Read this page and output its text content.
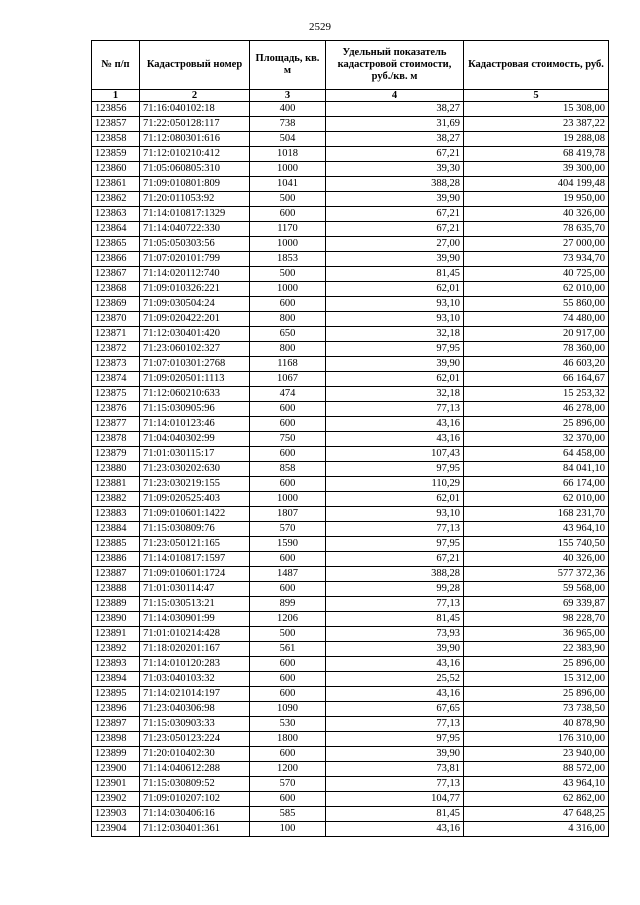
2529
№ п/п	Кадастровый номер	Площадь, кв. м	Удельный показатель кадастровой стоимости, руб./кв. м	Кадастровая стоимость, руб.
1	2	3	4	5
123856	71:16:040102:18	400	38,27	15 308,00
123857	71:22:050128:117	738	31,69	23 387,22
123858	71:12:080301:616	504	38,27	19 288,08
123859	71:12:010210:412	1018	67,21	68 419,78
123860	71:05:060805:310	1000	39,30	39 300,00
123861	71:09:010801:809	1041	388,28	404 199,48
123862	71:20:011053:92	500	39,90	19 950,00
123863	71:14:010817:1329	600	67,21	40 326,00
123864	71:14:040722:330	1170	67,21	78 635,70
123865	71:05:050303:56	1000	27,00	27 000,00
123866	71:07:020101:799	1853	39,90	73 934,70
123867	71:14:020112:740	500	81,45	40 725,00
123868	71:09:010326:221	1000	62,01	62 010,00
123869	71:09:030504:24	600	93,10	55 860,00
123870	71:09:020422:201	800	93,10	74 480,00
123871	71:12:030401:420	650	32,18	20 917,00
123872	71:23:060102:327	800	97,95	78 360,00
123873	71:07:010301:2768	1168	39,90	46 603,20
123874	71:09:020501:1113	1067	62,01	66 164,67
123875	71:12:060210:633	474	32,18	15 253,32
123876	71:15:030905:96	600	77,13	46 278,00
123877	71:14:010123:46	600	43,16	25 896,00
123878	71:04:040302:99	750	43,16	32 370,00
123879	71:01:030115:17	600	107,43	64 458,00
123880	71:23:030202:630	858	97,95	84 041,10
123881	71:23:030219:155	600	110,29	66 174,00
123882	71:09:020525:403	1000	62,01	62 010,00
123883	71:09:010601:1422	1807	93,10	168 231,70
123884	71:15:030809:76	570	77,13	43 964,10
123885	71:23:050121:165	1590	97,95	155 740,50
123886	71:14:010817:1597	600	67,21	40 326,00
123887	71:09:010601:1724	1487	388,28	577 372,36
123888	71:01:030114:47	600	99,28	59 568,00
123889	71:15:030513:21	899	77,13	69 339,87
123890	71:14:030901:99	1206	81,45	98 228,70
123891	71:01:010214:428	500	73,93	36 965,00
123892	71:18:020201:167	561	39,90	22 383,90
123893	71:14:010120:283	600	43,16	25 896,00
123894	71:03:040103:32	600	25,52	15 312,00
123895	71:14:021014:197	600	43,16	25 896,00
123896	71:23:040306:98	1090	67,65	73 738,50
123897	71:15:030903:33	530	77,13	40 878,90
123898	71:23:050123:224	1800	97,95	176 310,00
123899	71:20:010402:30	600	39,90	23 940,00
123900	71:14:040612:288	1200	73,81	88 572,00
123901	71:15:030809:52	570	77,13	43 964,10
123902	71:09:010207:102	600	104,77	62 862,00
123903	71:14:030406:16	585	81,45	47 648,25
123904	71:12:030401:361	100	43,16	4 316,00
